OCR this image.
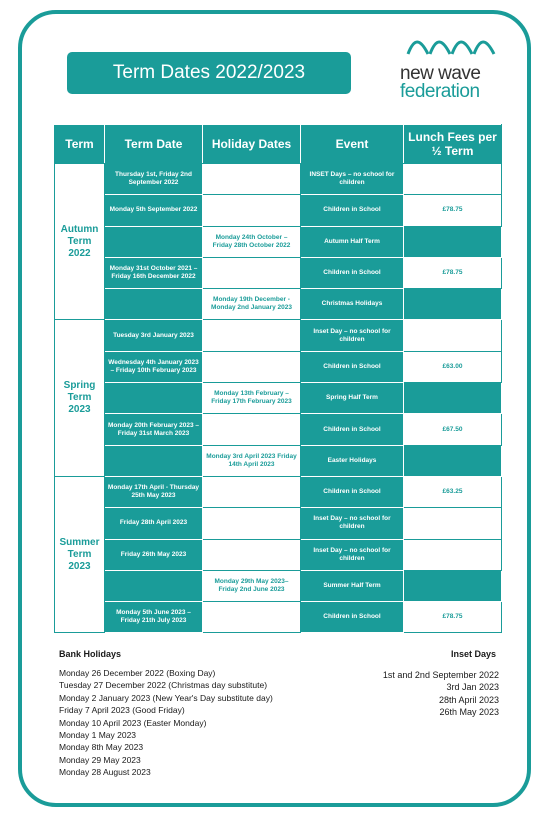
Term Dates 2022/2023	new wave
federation
Term	Term Date	Holiday Dates	Event	Lunch Fees per ½ Term
Autumn Term 2022	Thursday 1st, Friday 2nd September 2022		INSET Days – no school for children	
	Monday 5th September 2022		Children in School	£78.75
		Monday 24th October – Friday 28th October 2022	Autumn Half Term	
	Monday 31st October 2021 – Friday 16th December 2022		Children in School	£78.75
		Monday 19th December - Monday 2nd January 2023	Christmas Holidays	
Spring Term 2023	Tuesday 3rd January 2023		Inset Day – no school for children	
	Wednesday 4th January 2023 – Friday 10th February 2023		Children in School	£63.00
		Monday 13th February – Friday 17th February 2023	Spring Half Term	
	Monday 20th February 2023 – Friday 31st March 2023		Children in School	£67.50
		Monday 3rd April 2023 Friday 14th April 2023	Easter Holidays	
Summer Term 2023	Monday 17th April - Thursday 25th May 2023		Children in School	£63.25
	Friday 28th April 2023		Inset Day – no school for children	
	Friday 26th May 2023		Inset Day – no school for children	
		Monday 29th May 2023– Friday 2nd June 2023	Summer Half Term	
	Monday 5th June 2023 – Friday 21th July 2023		Children in School	£78.75
Bank Holidays
Monday 26 December 2022 (Boxing Day)
Tuesday 27 December 2022 (Christmas day substitute)
Monday 2 January 2023 (New Year's Day substitute day)
Friday 7 April 2023 (Good Friday)
Monday 10 April 2023 (Easter Monday)
Monday 1 May 2023
Monday 8th May 2023
Monday 29 May 2023
Monday 28 August 2023
Inset Days
1st and 2nd September 2022
3rd Jan 2023
28th April 2023
26th May 2023
